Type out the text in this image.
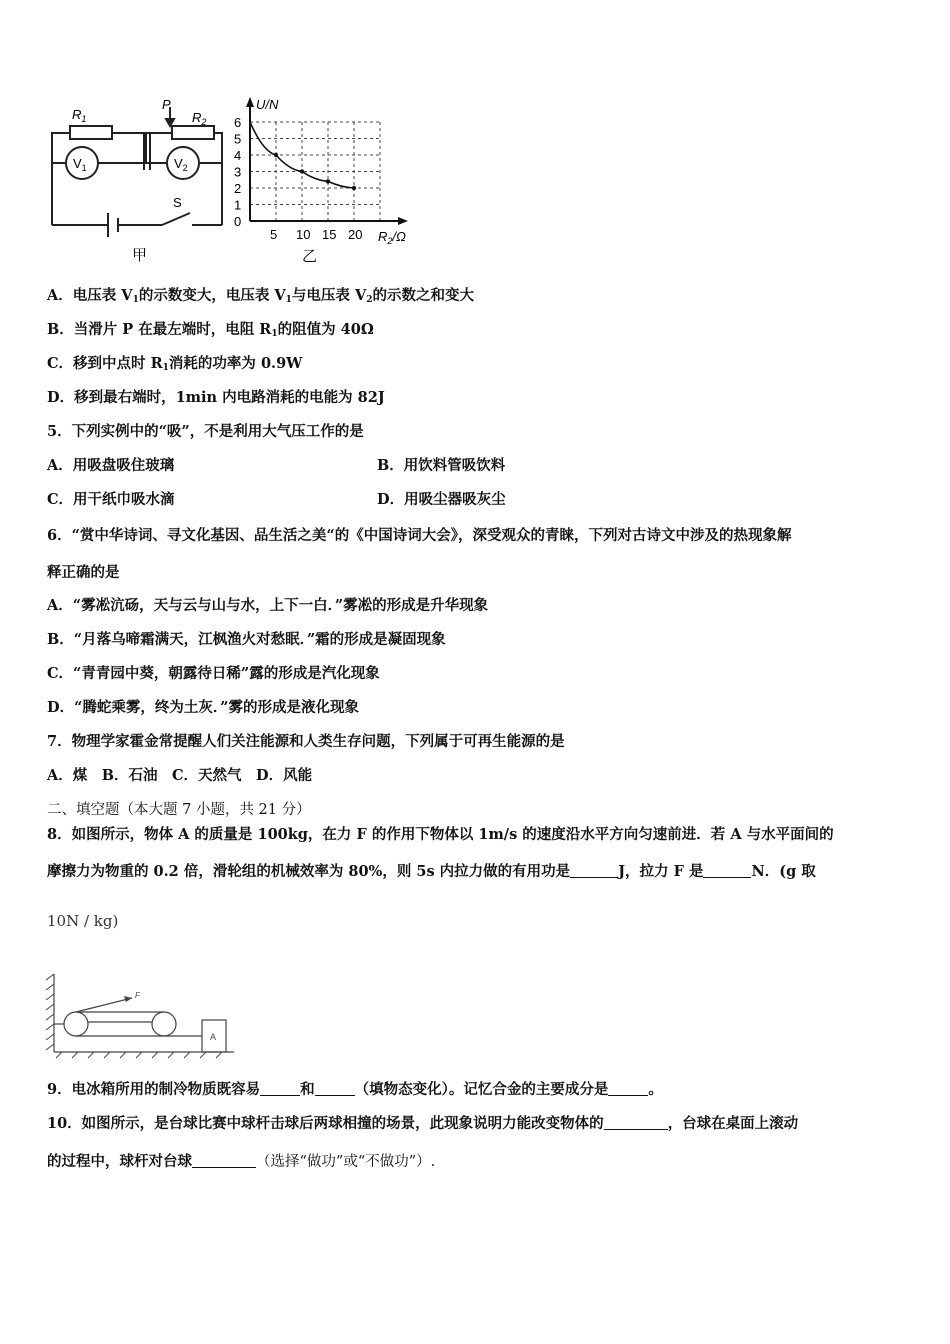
$R_1$	$R_2$
P
$V_1$	$V_2$
S
甲
0
1
2
3
4
5
6
5 10 15 20
U/N
$R_2/\Omega$
乙
A．电压表 $V_1$的示数变大，电压表 $V_1$与电压表 $V_2$的示数之和变大
B．当滑片 P 在最左端时，电阻 $R_1$的阻值为 40Ω
C．移到中点时 $R_1$消耗的功率为 0.9W
D．移到最右端时，1min 内电路消耗的电能为 82J
5．下列实例中的“吸”，不是利用大气压工作的是
A．用吸盘吸住玻璃	B．用饮料管吸饮料
C．用干纸巾吸水滴	D．用吸尘器吸灰尘
6．“赏中华诗词、寻文化基因、品生活之美“的《中国诗词大会》，深受观众的青睐，下列对古诗文中涉及的热现象解
释正确的是
A．“雾凇沆砀，天与云与山与水，上下一白．”雾凇的形成是升华现象
B．“月落乌啼霜满天，江枫渔火对愁眠．”霜的形成是凝固现象
C．“青青园中葵，朝露待日稀”露的形成是汽化现象
D．“腾蛇乘雾，终为土灰．”雾的形成是液化现象
7．物理学家霍金常提醒人们关注能源和人类生存问题，下列属于可再生能源的是
A．煤　B．石油　C．天然气　D．风能
二、填空题（本大题 7 小题，共 21 分）
8．如图所示，物体 A 的质量是 100kg，在力 F 的作用下物体以 1m/s 的速度沿水平方向匀速前进．若 A 与水平面间的
摩擦力为物重的 0.2 倍，滑轮组的机械效率为 80%，则 5s 内拉力做的有用功是	J，拉力 F 是	N．(g 取
10N / kg)
F
A
9．电冰箱所用的制冷物质既容易	和	（填物态变化）。记忆合金的主要成分是	。
10．如图所示，是台球比赛中球杆击球后两球相撞的场景，此现象说明力能改变物体的	，台球在桌面上滚动
的过程中，球杆对台球	（选择“做功”或“不做功”）.
